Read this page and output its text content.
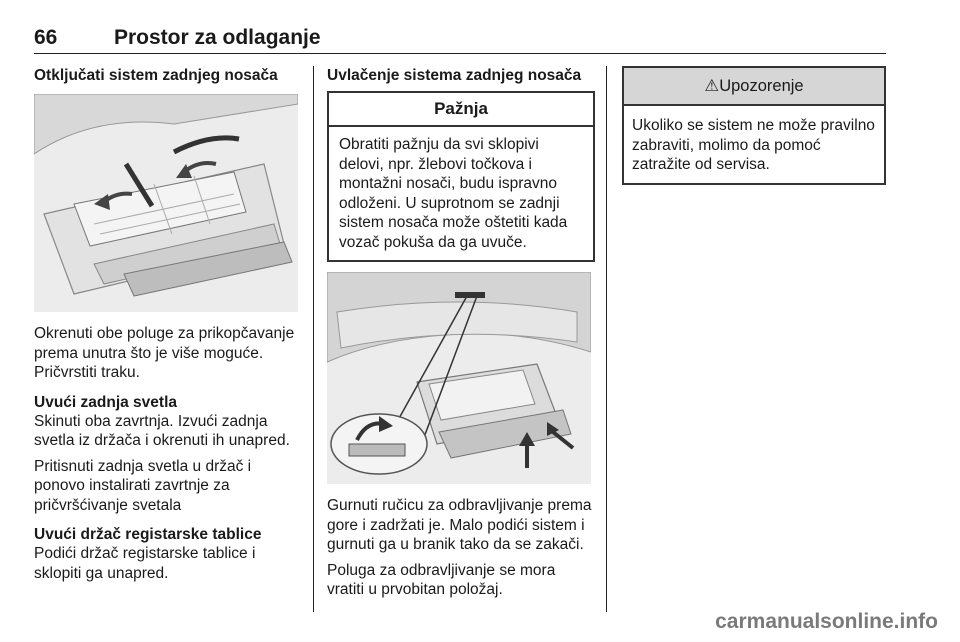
66	Prostor za odlaganje
Otključati sistem zadnjeg nosača

Okrenuti obe poluge za prikopčavanje prema unutra što je više moguće. Pričvrstiti traku.

Uvući zadnja svetla

Skinuti oba zavrtnja. Izvući zadnja svetla iz držača i okrenuti ih unapred.

Pritisnuti zadnja svetla u držač i ponovo instalirati zavrtnje za pričvršćivanje svetala

Uvući držač registarske tablice

Podići držač registarske tablice i sklopiti ga unapred.

Uvlačenje sistema zadnjeg nosača
Pažnja
Obratiti pažnju da svi sklopivi delovi, npr. žlebovi točkova i montažni nosači, budu ispravno odloženi. U suprotnom se zadnji sistem nosača može oštetiti kada vozač pokuša da ga uvuče.

Gurnuti ručicu za odbravljivanje prema gore i zadržati je. Malo podići sistem i gurnuti ga u branik tako da se zakači.

Poluga za odbravljivanje se mora vratiti u prvobitan položaj.

⚠Upozorenje
Ukoliko se sistem ne može pravilno zabraviti, molimo da pomoć zatražite od servisa.
carmanualsonline.info
